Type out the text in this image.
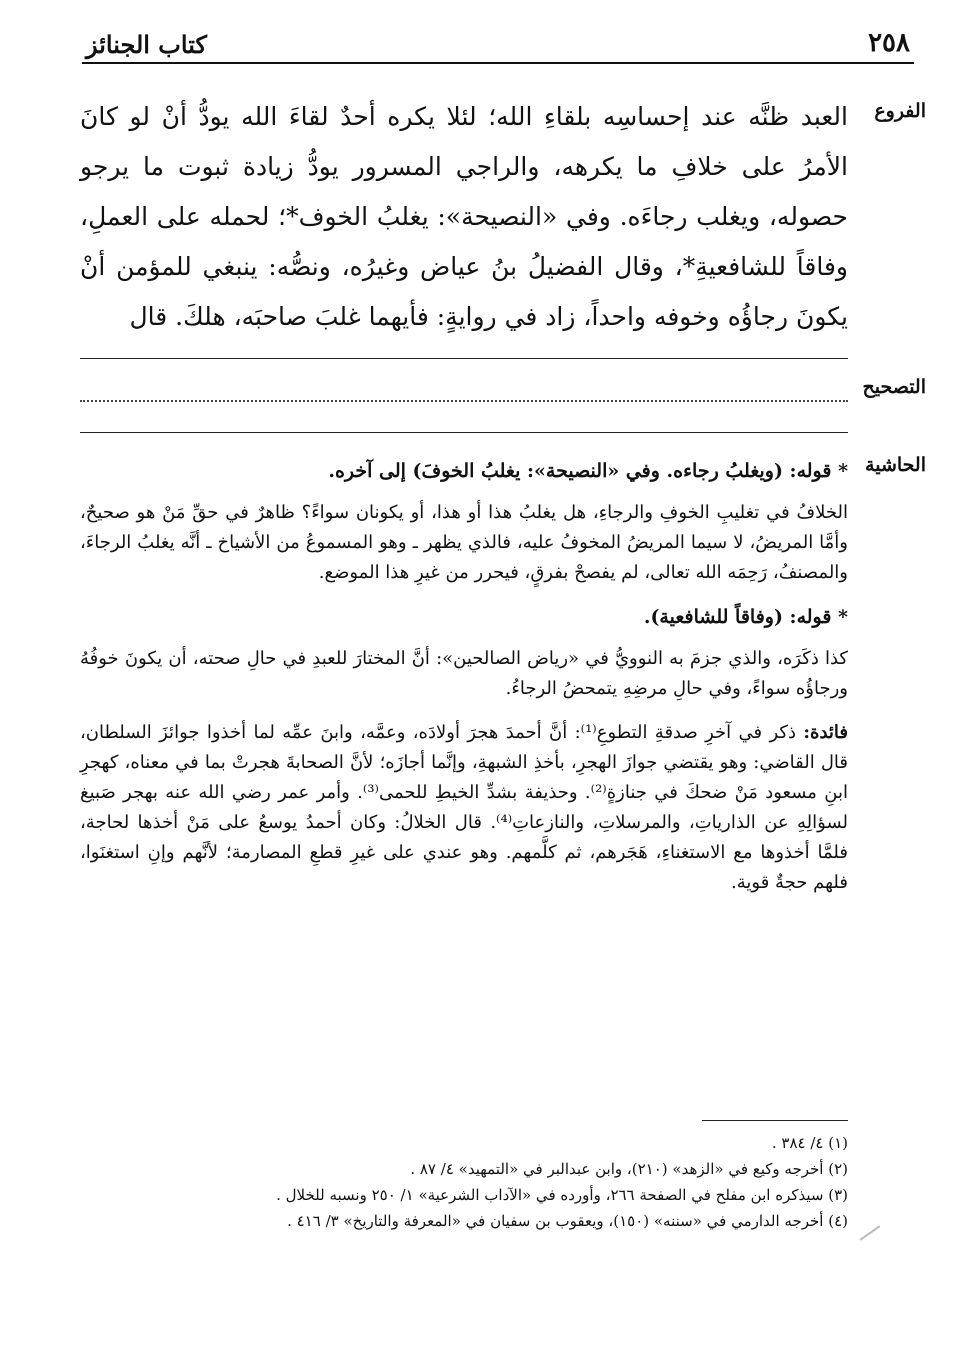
٢٥٨
كتاب الجنائز
الفروع
العبد ظنَّه عند إحساسِه بلقاءِ الله؛ لئلا يكره أحدٌ لقاءَ الله يودُّ أنْ لو كانَ الأمرُ على خلافِ ما يكرهه، والراجي المسرور يودُّ زيادة ثبوت ما يرجو حصوله، ويغلب رجاءَه. وفي «النصيحة»: يغلبُ الخوف*؛ لحمله على العملِ، وفاقاً للشافعيةِ*، وقال الفضيلُ بنُ عياض وغيرُه، ونصُّه: ينبغي للمؤمن أنْ يكونَ رجاؤُه وخوفه واحداً، زاد في روايةٍ: فأيهما غلبَ صاحبَه، هلكَ. قال
التصحيح
الحاشية

* قوله: (ويغلبُ رجاءه. وفي «النصيحة»: يغلبُ الخوفَ) إلى آخره.

الخلافُ في تغليبِ الخوفِ والرجاءِ، هل يغلبُ هذا أو هذا، أو يكونان سواءً؟ ظاهرٌ في حقِّ مَنْ هو صحيحٌ، وأمَّا المريضُ، لا سيما المريضُ المخوفُ عليه، فالذي يظهر ـ وهو المسموعُ من الأشياخ ـ أنَّه يغلبُ الرجاءَ، والمصنفُ، رَحِمَه الله تعالى، لم يفصحْ بفرقٍ، فيحرر من غيرِ هذا الموضع.

* قوله: (وفاقاً للشافعية).

كذا ذكَرَه، والذي جزمَ به النوويُّ في «رياض الصالحين»: أنَّ المختارَ للعبدِ في حالِ صحته، أن يكونَ خوفُهُ ورجاؤُه سواءً، وفي حالِ مرضِهِ يتمحضُ الرجاءُ.

فائدة: ذكر في آخرِ صدقةِ التطوعِ⁽¹⁾: أنَّ أحمدَ هجرَ أولادَه، وعمَّه، وابنَ عمِّه لما أخذوا جوائزَ السلطان، قال القاضي: وهو يقتضي جوازَ الهجرِ، بأخذِ الشبهةِ، وإنَّما أجازَه؛ لأنَّ الصحابةَ هجرتْ بما في معناه، كهجرِ ابنِ مسعود مَنْ ضحكَ في جنازةٍ⁽²⁾. وحذيفة بشدِّ الخيطِ للحمى⁽³⁾. وأمر عمر رضي الله عنه بهجر صَبيغ لسؤالِهِ عن الذارياتِ، والمرسلاتِ، والنازعاتِ⁽⁴⁾. قال الخلالُ: وكان أحمدُ يوسعُ على مَنْ أخذها لحاجة، فلمَّا أخذوها مع الاستغناءِ، هَجَرهم، ثم كلَّمهم. وهو عندي على غيرِ قطعِ المصارمة؛ لأنَّهم وإنِ استغنَوا، فلهم حجةٌ قوية.

(١) ٤/ ٣٨٤ .

(٢) أخرجه وكيع في «الزهد» (٢١٠)، وابن عبدالبر في «التمهيد» ٤/ ٨٧ .

(٣) سيذكره ابن مفلح في الصفحة ٢٦٦، وأورده في «الآداب الشرعية» ١/ ٢٥٠ ونسبه للخلال .

(٤) أخرجه الدارمي في «سننه» (١٥٠)، ويعقوب بن سفيان في «المعرفة والتاريخ» ٣/ ٤١٦ .
